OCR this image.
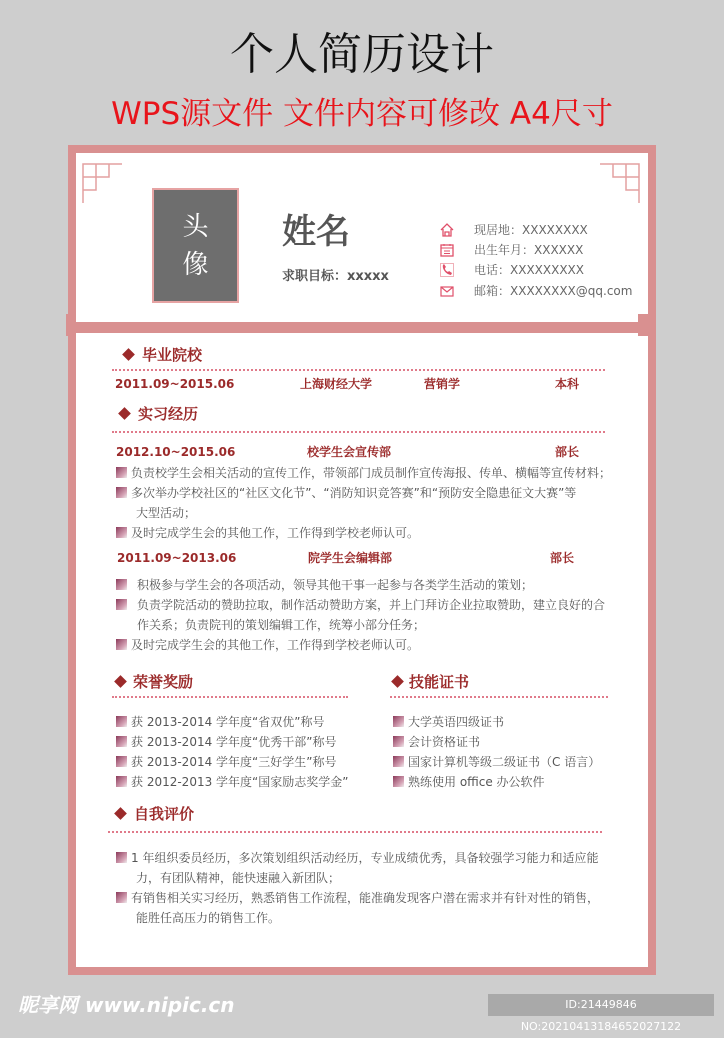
个人简历设计
WPS源文件 文件内容可修改 A4尺寸
头
像
姓名
求职目标：xxxxx
现居地：XXXXXXXX
出生年月：XXXXXX
电话：XXXXXXXXX
邮箱：XXXXXXXX@qq.com
毕业院校
2011.09~2015.06	上海财经大学	营销学	本科
实习经历
2012.10~2015.06	校学生会宣传部	部长
负责校学生会相关活动的宣传工作，带领部门成员制作宣传海报、传单、横幅等宣传材料；
多次举办学校社区的“社区文化节”、“消防知识竞答赛”和“预防安全隐患征文大赛”等
大型活动；
及时完成学生会的其他工作，工作得到学校老师认可。
2011.09~2013.06	院学生会编辑部	部长
积极参与学生会的各项活动，领导其他干事一起参与各类学生活动的策划；
负责学院活动的赞助拉取，制作活动赞助方案，并上门拜访企业拉取赞助，建立良好的合
作关系；负责院刊的策划编辑工作，统筹小部分任务；
及时完成学生会的其他工作，工作得到学校老师认可。
荣誉奖励
获 2013-2014 学年度“省双优”称号
获 2013-2014 学年度“优秀干部”称号
获 2013-2014 学年度“三好学生”称号
获 2012-2013 学年度“国家励志奖学金”
技能证书
大学英语四级证书
会计资格证书
国家计算机等级二级证书（C 语言）
熟练使用 office 办公软件
自我评价
1 年组织委员经历，多次策划组织活动经历，专业成绩优秀，具备较强学习能力和适应能
力，有团队精神，能快速融入新团队；
有销售相关实习经历，熟悉销售工作流程，能准确发现客户潜在需求并有针对性的销售，
能胜任高压力的销售工作。
昵享网 www.nipic.cn	ID:21449846 NO:20210413184652027122
